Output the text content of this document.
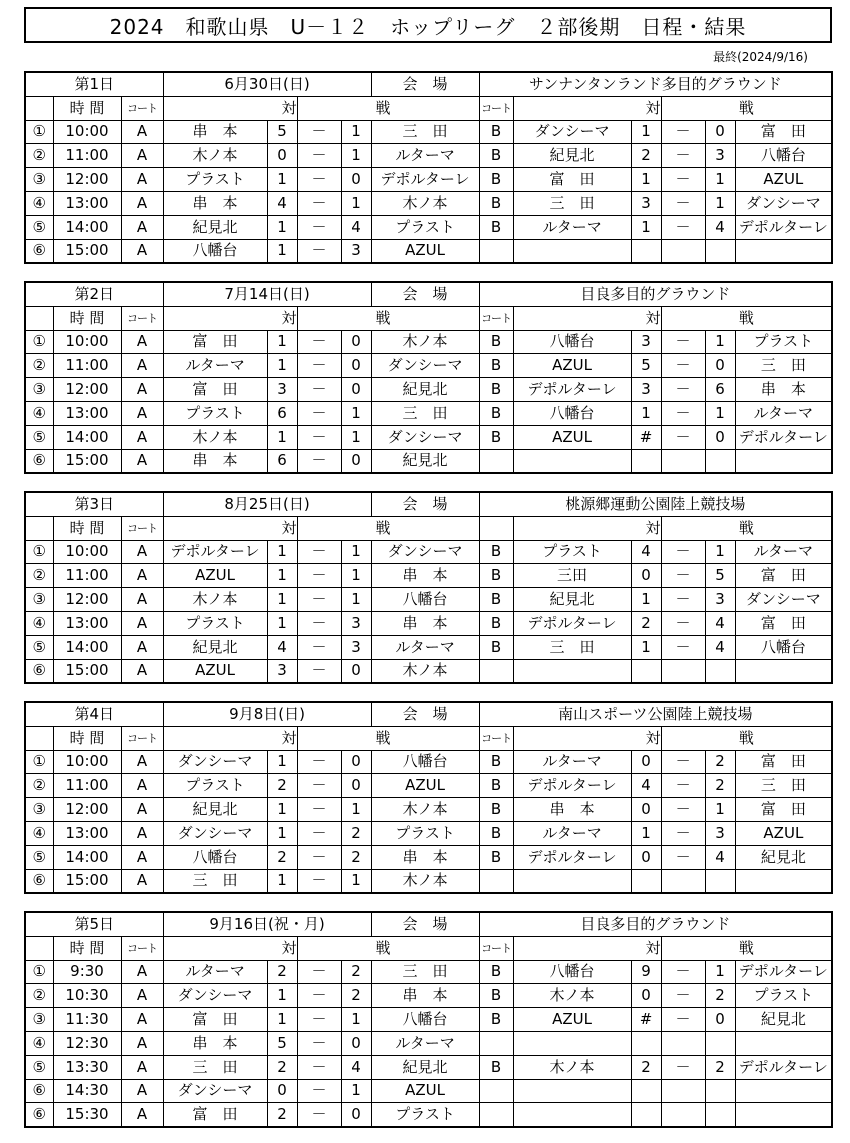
2024　和歌山県　U－１２　ホップリーグ　２部後期　日程・結果
最終(2024/9/16)
第1日			6月30日(日)				会　場	サンナンタンランド多目的グラウンド					
	時 間	コート	対		戦			コート	対		戦		
①	10:00	A	串　本	5	－	1	三　田	B	ダンシーマ	1	－	0	富　田
②	11:00	A	木ノ本	0	－	1	ルターマ	B	紀見北	2	－	3	八幡台
③	12:00	A	プラスト	1	－	0	デポルターレ	B	富　田	1	－	1	AZUL
④	13:00	A	串　本	4	－	1	木ノ本	B	三　田	3	－	1	ダンシーマ
⑤	14:00	A	紀見北	1	－	4	プラスト	B	ルターマ	1	－	4	デポルターレ
⑥	15:00	A	八幡台	1	－	3	AZUL						
第2日			7月14日(日)				会　場	目良多目的グラウンド					
	時 間	コート	対		戦			コート	対		戦		
①	10:00	A	富　田	1	－	0	木ノ本	B	八幡台	3	－	1	プラスト
②	11:00	A	ルターマ	1	－	0	ダンシーマ	B	AZUL	5	－	0	三　田
③	12:00	A	富　田	3	－	0	紀見北	B	デポルターレ	3	－	6	串　本
④	13:00	A	プラスト	6	－	1	三　田	B	八幡台	1	－	1	ルターマ
⑤	14:00	A	木ノ本	1	－	1	ダンシーマ	B	AZUL	#	－	0	デポルターレ
⑥	15:00	A	串　本	6	－	0	紀見北						
第3日			8月25日(日)				会　場	桃源郷運動公園陸上競技場					
	時 間	コート	対		戦				対		戦		
①	10:00	A	デポルターレ	1	－	1	ダンシーマ	B	プラスト	4	－	1	ルターマ
②	11:00	A	AZUL	1	－	1	串　本	B	三田	0	－	5	富　田
③	12:00	A	木ノ本	1	－	1	八幡台	B	紀見北	1	－	3	ダンシーマ
④	13:00	A	プラスト	1	－	3	串　本	B	デポルターレ	2	－	4	富　田
⑤	14:00	A	紀見北	4	－	3	ルターマ	B	三　田	1	－	4	八幡台
⑥	15:00	A	AZUL	3	－	0	木ノ本						
第4日			9月8日(日)				会　場	南山スポーツ公園陸上競技場					
	時 間	コート	対		戦			コート	対		戦		
①	10:00	A	ダンシーマ	1	－	0	八幡台	B	ルターマ	0	－	2	富　田
②	11:00	A	プラスト	2	－	0	AZUL	B	デポルターレ	4	－	2	三　田
③	12:00	A	紀見北	1	－	1	木ノ本	B	串　本	0	－	1	富　田
④	13:00	A	ダンシーマ	1	－	2	プラスト	B	ルターマ	1	－	3	AZUL
⑤	14:00	A	八幡台	2	－	2	串　本	B	デポルターレ	0	－	4	紀見北
⑥	15:00	A	三　田	1	－	1	木ノ本						
第5日			9月16日(祝・月)				会　場	目良多目的グラウンド					
	時 間	コート	対		戦			コート	対		戦		
①	9:30	A	ルターマ	2	－	2	三　田	B	八幡台	9	－	1	デポルターレ
②	10:30	A	ダンシーマ	1	－	2	串　本	B	木ノ本	0	－	2	プラスト
③	11:30	A	富　田	1	－	1	八幡台	B	AZUL	#	－	0	紀見北
④	12:30	A	串　本	5	－	0	ルターマ						
⑤	13:30	A	三　田	2	－	4	紀見北	B	木ノ本	2	－	2	デポルターレ
⑥	14:30	A	ダンシーマ	0	－	1	AZUL						
⑥	15:30	A	富　田	2	－	0	プラスト						
